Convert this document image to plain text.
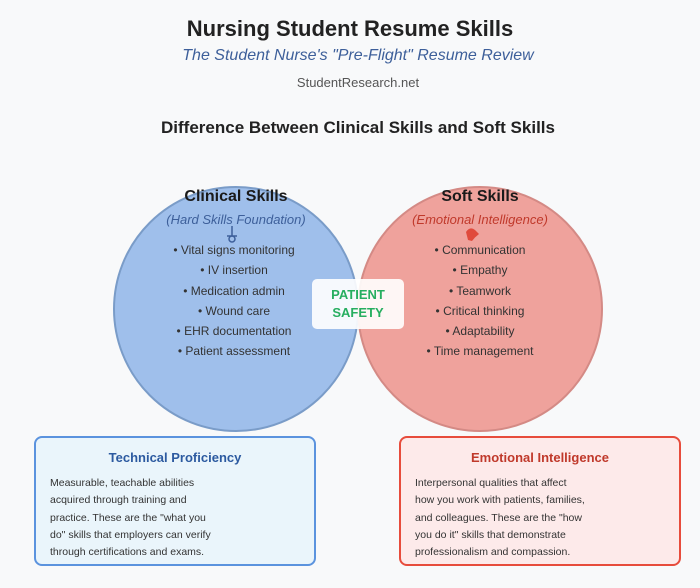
Nursing Student Resume Skills
The Student Nurse's "Pre-Flight" Resume Review
StudentResearch.net
Difference Between Clinical Skills and Soft Skills
Clinical Skills
(Hard Skills Foundation)
• Vital signs monitoring
• IV insertion
• Medication admin
• Wound care
• EHR documentation
• Patient assessment
Soft Skills
(Emotional Intelligence)
• Communication
• Empathy
• Teamwork
• Critical thinking
• Adaptability
• Time management
PATIENT
SAFETY
Technical Proficiency

Measurable, teachable abilities
acquired through training and
practice. These are the "what you
do" skills that employers can verify
through certifications and exams.

Emotional Intelligence

Interpersonal qualities that affect
how you work with patients, families,
and colleagues. These are the "how
you do it" skills that demonstrate
professionalism and compassion.
